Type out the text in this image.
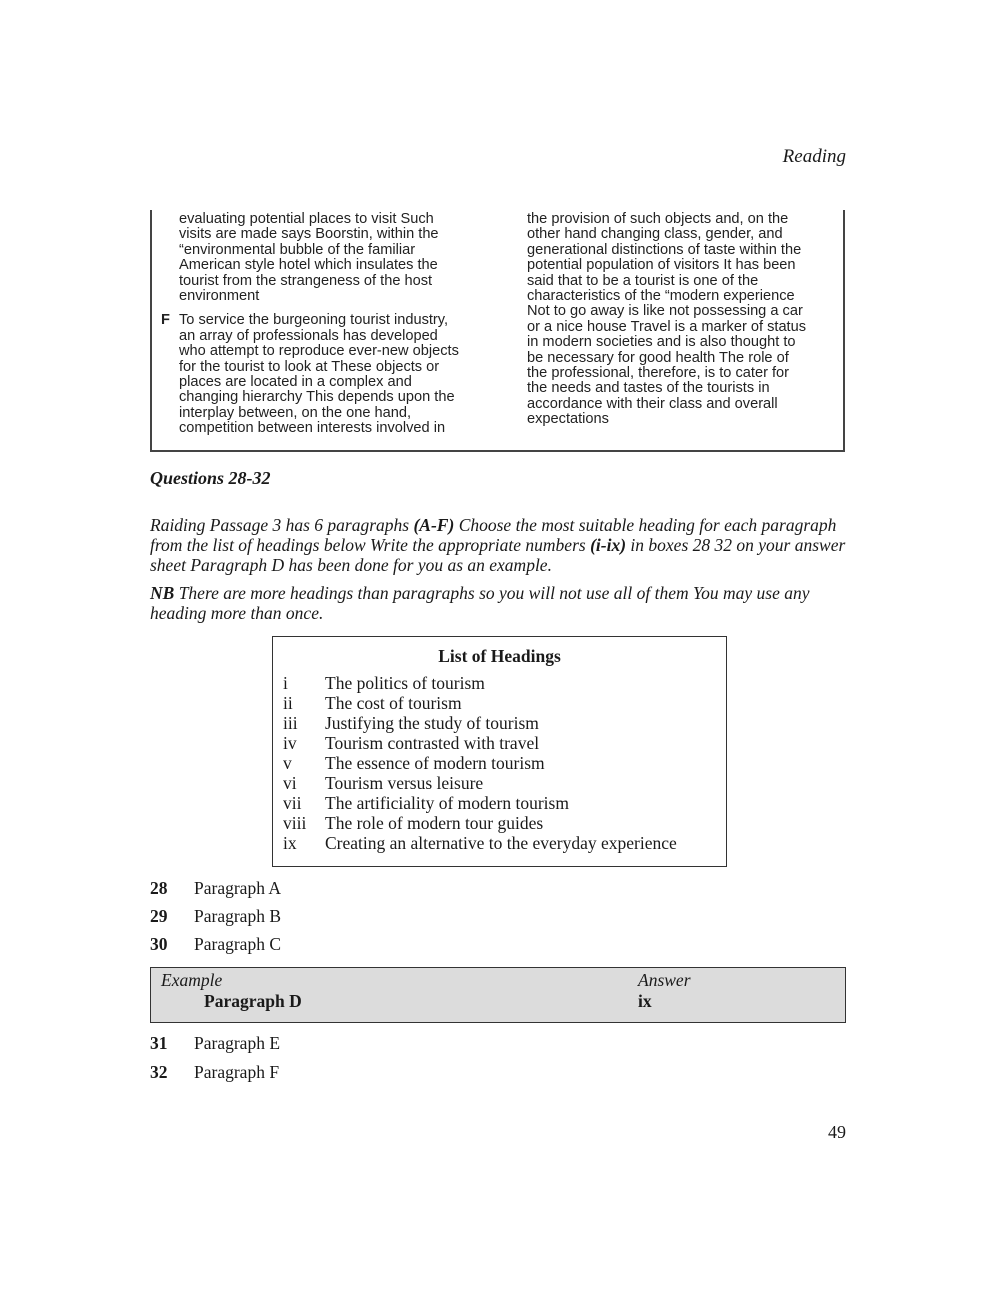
Reading
evaluating potential places to visit Such
visits are made says Boorstin, within the
“environmental bubble of the familiar
American style hotel which insulates the
tourist from the strangeness of the host
environment
F To service the burgeoning tourist industry,
an array of professionals has developed
who attempt to reproduce ever-new objects
for the tourist to look at These objects or
places are located in a complex and
changing hierarchy This depends upon the
interplay between, on the one hand,
competition between interests involved in
the provision of such objects and, on the
other hand changing class, gender, and
generational distinctions of taste within the
potential population of visitors It has been
said that to be a tourist is one of the
characteristics of the “modern experience
Not to go away is like not possessing a car
or a nice house Travel is a marker of status
in modern societies and is also thought to
be necessary for good health The role of
the professional, therefore, is to cater for
the needs and tastes of the tourists in
accordance with their class and overall
expectations
Questions 28-32

Raiding Passage 3 has 6 paragraphs (A-F) Choose the most suitable heading for each paragraph from the list of headings below Write the appropriate numbers (i-ix) in boxes 28 32 on your answer sheet Paragraph D has been done for you as an example.

NB There are more headings than paragraphs so you will not use all of them You may use any heading more than once.

List of Headings
i The politics of tourism
ii The cost of tourism
iii Justifying the study of tourism
iv Tourism contrasted with travel
v The essence of modern tourism
vi Tourism versus leisure
vii The artificiality of modern tourism
viii The role of modern tour guides
ix Creating an alternative to the everyday experience
28 Paragraph A
29 Paragraph B
30 Paragraph C
Example
Paragraph D
Answer
ix
31 Paragraph E
32 Paragraph F
49
